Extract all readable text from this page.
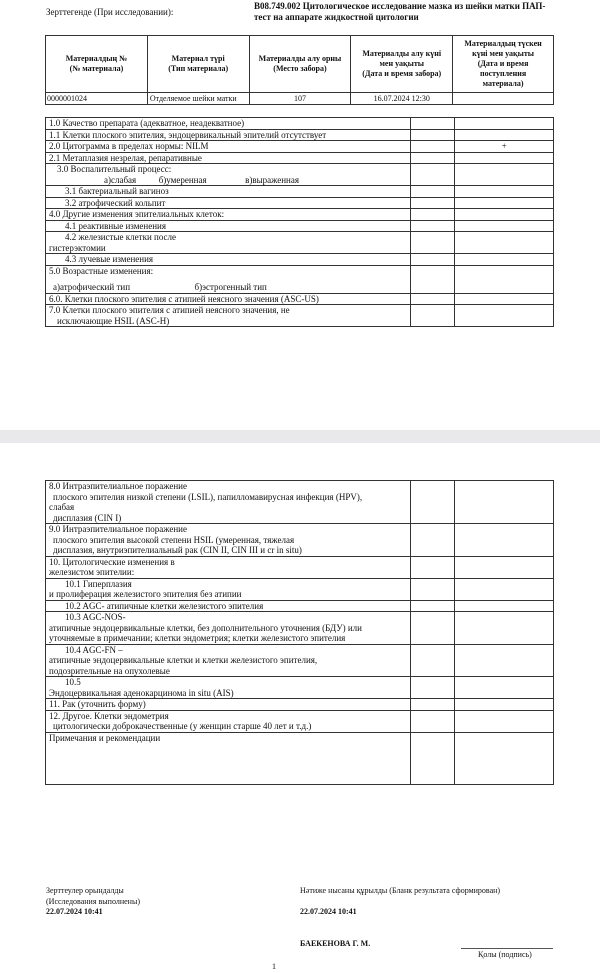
Зерттегенде (При исследовании):
B08.749.002 Цитологическое исследование мазка из шейки матки ПАП-
тест на аппарате жидкостной цитологии
Материалдың №
(№ материала)	Материал түрі
(Тип материала)	Материалды алу орны
(Место забора)	Материалды алу күні
мен уақыты
(Дата и время забора)	Материалдың түскен
күні мен уақыты
(Дата и время
поступления
материала)

0000001024	Отделяемое шейки матки	107	16.07.2024 12:30	
1.0 Качество препарата (адекватное, неадекватное)		
1.1 Клетки плоского эпителия, эндоцервикальный эпителий отсутствует		
2.0 Цитограмма в пределах нормы: NILM		+
2.1 Метаплазия незрелая, репаративные		

3.0 Воспалительный процесс:
а)слабая б)умеренная в)выраженная		

3.1 бактериальный вагиноз		

3.2 атрофический кольпит		

4.0 Другие изменения эпителиальных клеток:		

4.1 реактивные изменения		

4.2 железистые клетки после
гистерэктомии		

4.3 лучевые изменения		

5.0 Возрастные изменения:
а)атрофический тип б)эстрогенный тип		

6.0. Клетки плоского эпителия с атипией неясного значения (ASC-US)		

7.0 Клетки плоского эпителия с атипией неясного значения, не
исключающие HSIL (ASC-H)		

8.0 Интраэпителиальное поражение
плоского эпителия низкой степени (LSIL), папилломавирусная инфекция (HPV),
слабая
дисплазия (CIN I)		

9.0 Интраэпителиальное поражение
плоского эпителия высокой степени HSIL (умеренная, тяжелая
дисплазия, внутриэпителиальный рак (CIN II, CIN III и cr in situ)		

10. Цитологические изменения в
железистом эпителии:		

10.1 Гиперплазия
и пролиферация железистого эпителия без атипии		

10.2 AGC- атипичные клетки железистого эпителия		

10.3 AGC-NOS-
атипичные эндоцервикальные клетки, без дополнительного уточнения (БДУ) или
уточняемые в примечании; клетки эндометрия; клетки железистого эпителия		

10.4 AGC-FN –
атипичные эндоцервикальные клетки и клетки железистого эпителия,
подозрительные на опухолевые		

10.5
Эндоцервикальная аденокарцинома in situ (AIS)		

11. Рак (уточнить форму)		

12. Другое. Клетки эндометрия
цитологически доброкачественные (у женщин старше 40 лет и т.д.)		

Примечания и рекомендации		
Зерттеулер орындалды
(Исследования выполнены)
22.07.2024 10:41
Нәтиже нысаны құрылды (Бланк результата сформирован)
22.07.2024 10:41
БАЕКЕНОВА Г. М.
Қолы (подпись)
1
